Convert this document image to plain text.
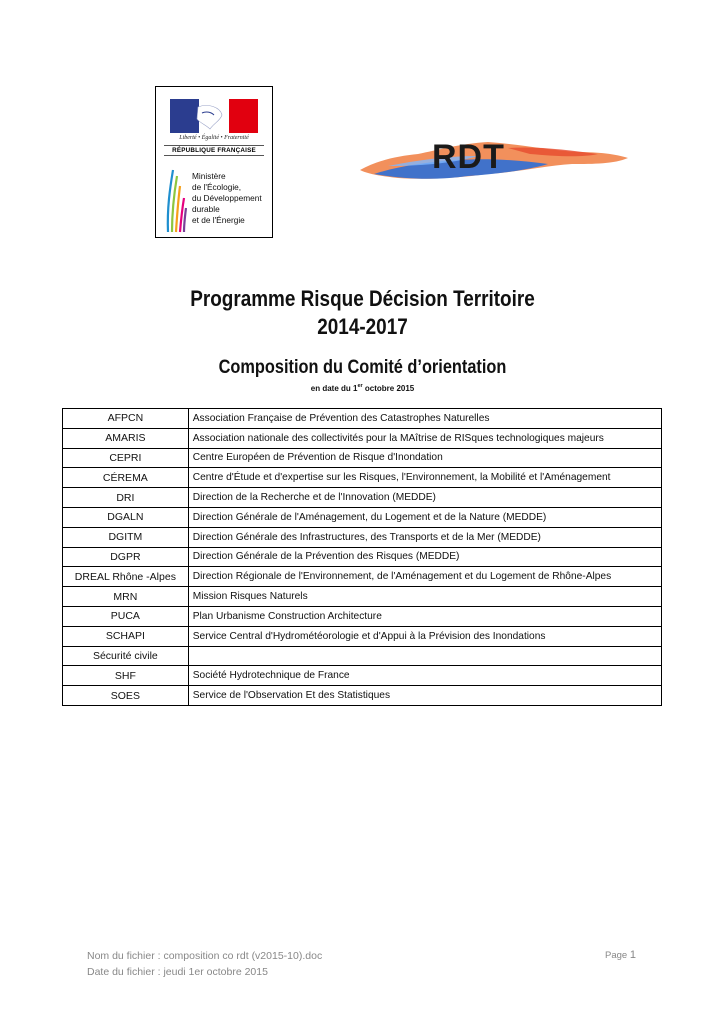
Liberté • Égalité • Fraternité
RÉPUBLIQUE FRANÇAISE
Ministère
de l'Écologie,
du Développement
durable
et de l'Énergie
RDT
Programme Risque Décision Territoire
2014-2017
Composition du Comité d’orientation
en date du 1er octobre 2015
AFPCN	Association Française de Prévention des Catastrophes Naturelles
AMARIS	Association nationale des collectivités pour la MAîtrise de RISques technologiques majeurs
CEPRI	Centre Européen de Prévention de Risque d'Inondation
CÉREMA	Centre d'Étude et d'expertise sur les Risques, l'Environnement, la Mobilité et l'Aménagement
DRI	Direction de la Recherche et de l'Innovation (MEDDE)
DGALN	Direction Générale de l'Aménagement, du Logement et de la Nature (MEDDE)
DGITM	Direction Générale des Infrastructures, des Transports et de la Mer (MEDDE)
DGPR	Direction Générale de la Prévention des Risques (MEDDE)
DREAL Rhône -Alpes	Direction Régionale de l'Environnement, de l'Aménagement et du Logement de Rhône-Alpes
MRN	Mission Risques Naturels
PUCA	Plan Urbanisme Construction Architecture
SCHAPI	Service Central d'Hydrométéorologie et d'Appui à la Prévision des Inondations
Sécurité civile	
SHF	Société Hydrotechnique de France
SOES	Service de l'Observation Et des Statistiques
Nom du fichier : composition co rdt (v2015-10).doc
Date du fichier : jeudi 1er octobre 2015
Page 1
